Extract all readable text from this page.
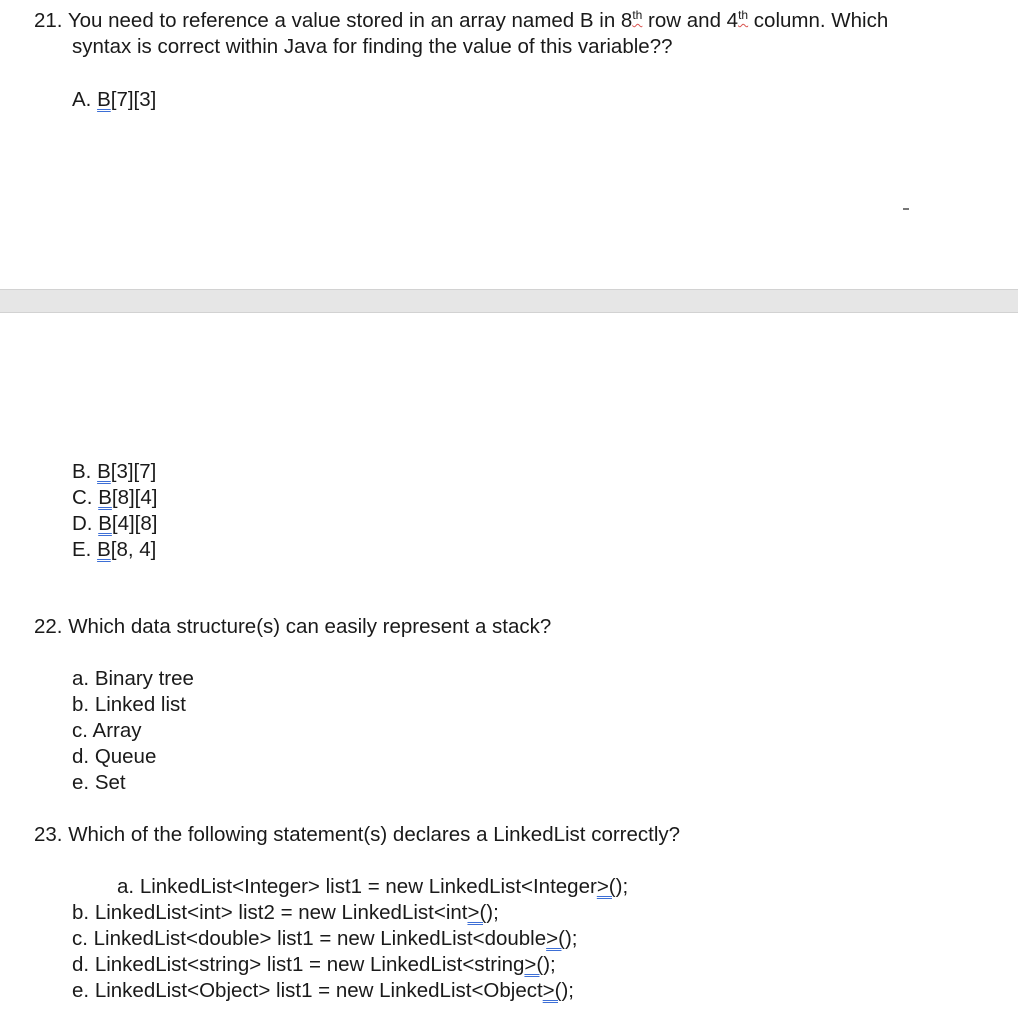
21. You need to reference a value stored in an array named B in 8th row and 4th column. Which
syntax is correct within Java for finding the value of this variable??
A. B[7][3]
B. B[3][7]
C. B[8][4]
D. B[4][8]
E. B[8, 4]
22. Which data structure(s) can easily represent a stack?
a. Binary tree
b. Linked list
c. Array
d. Queue
e. Set
23. Which of the following statement(s) declares a LinkedList correctly?
a. LinkedList<Integer> list1 = new LinkedList<Integer>();
b. LinkedList<int> list2 = new LinkedList<int>();
c. LinkedList<double> list1 = new LinkedList<double>();
d. LinkedList<string> list1 = new LinkedList<string>();
e. LinkedList<Object> list1 = new LinkedList<Object>();
